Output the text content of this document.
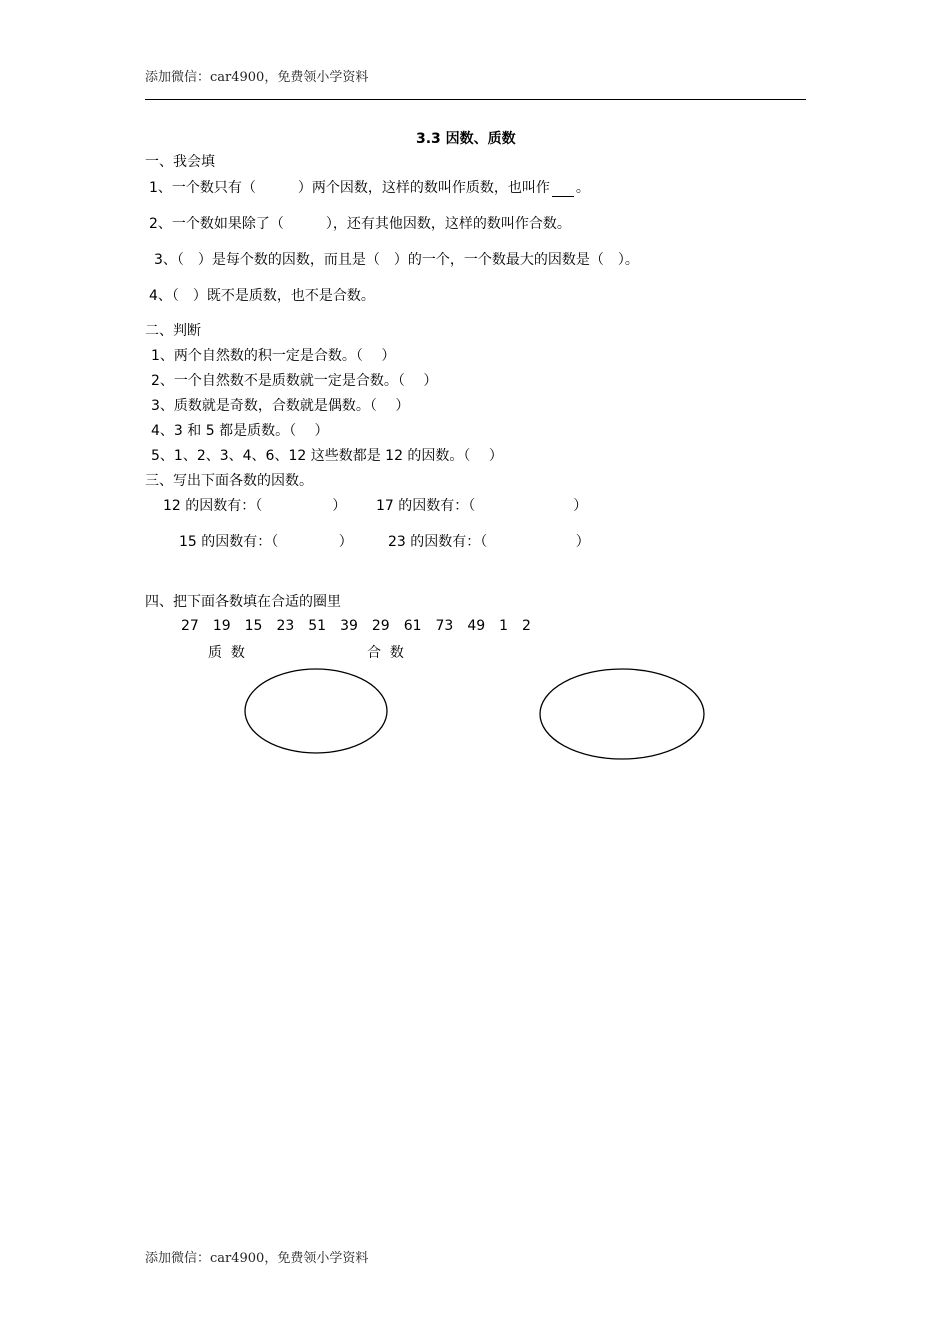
添加微信：car4900，免费领小学资料
3.3 因数、质数
一、我会填
1、一个数只有（　　　）两个因数，这样的数叫作质数，也叫作 。
2、一个数如果除了（　　　），还有其他因数，这样的数叫作合数。
3、（　）是每个数的因数，而且是（　）的一个，一个数最大的因数是（　）。
4、（　）既不是质数，也不是合数。
二、判断
1、两个自然数的积一定是合数。（　 ）
2、一个自然数不是质数就一定是合数。（　 ）
3、质数就是奇数，合数就是偶数。（　 ）
4、3 和 5 都是质数。（　 ）
5、1、2、3、4、6、12 这些数都是 12 的因数。（　 ）
三、写出下面各数的因数。
12 的因数有：（　　　　　） 17 的因数有：（　　　　　　　）
15 的因数有：（　　　　 ）	23 的因数有：（　　　　　　 ）
四、把下面各数填在合适的圈里
27　19　15　23　51　39　29　61　73　49　1　2
质  数	合  数
添加微信：car4900，免费领小学资料
